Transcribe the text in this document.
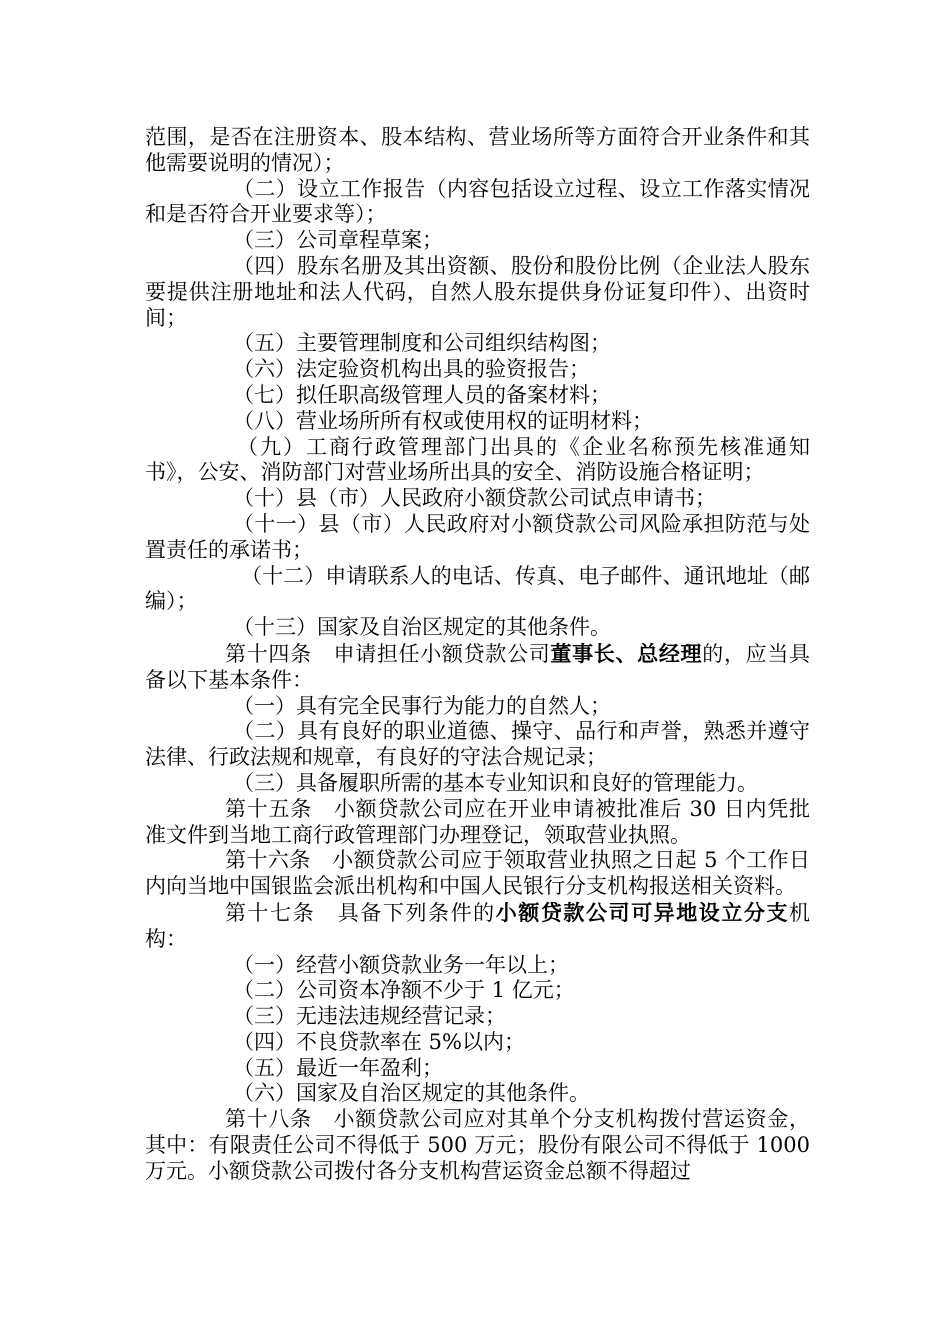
范围，是否在注册资本、股本结构、营业场所等方面符合开业条件和其他需要说明的情况）；

（二）设立工作报告（内容包括设立过程、设立工作落实情况和是否符合开业要求等）；

（三）公司章程草案；

（四）股东名册及其出资额、股份和股份比例（企业法人股东要提供注册地址和法人代码，自然人股东提供身份证复印件）、出资时间；

（五）主要管理制度和公司组织结构图；

（六）法定验资机构出具的验资报告；

（七）拟任职高级管理人员的备案材料；

（八）营业场所所有权或使用权的证明材料；

（九）工商行政管理部门出具的《企业名称预先核准通知书》，公安、消防部门对营业场所出具的安全、消防设施合格证明；

（十）县（市）人民政府小额贷款公司试点申请书；

（十一）县（市）人民政府对小额贷款公司风险承担防范与处置责任的承诺书；

（十二）申请联系人的电话、传真、电子邮件、通讯地址（邮编）；

（十三）国家及自治区规定的其他条件。

第十四条　申请担任小额贷款公司董事长、总经理的，应当具备以下基本条件：

（一）具有完全民事行为能力的自然人；

（二）具有良好的职业道德、操守、品行和声誉，熟悉并遵守法律、行政法规和规章，有良好的守法合规记录；

（三）具备履职所需的基本专业知识和良好的管理能力。

第十五条　小额贷款公司应在开业申请被批准后 30 日内凭批准文件到当地工商行政管理部门办理登记，领取营业执照。

第十六条　小额贷款公司应于领取营业执照之日起 5 个工作日内向当地中国银监会派出机构和中国人民银行分支机构报送相关资料。

第十七条　具备下列条件的小额贷款公司可异地设立分支机构：

（一）经营小额贷款业务一年以上；

（二）公司资本净额不少于 1 亿元；

（三）无违法违规经营记录；

（四）不良贷款率在 5%以内；

（五）最近一年盈利；

（六）国家及自治区规定的其他条件。

第十八条　小额贷款公司应对其单个分支机构拨付营运资金，其中：有限责任公司不得低于 500 万元；股份有限公司不得低于 1000 万元。小额贷款公司拨付各分支机构营运资金总额不得超过
